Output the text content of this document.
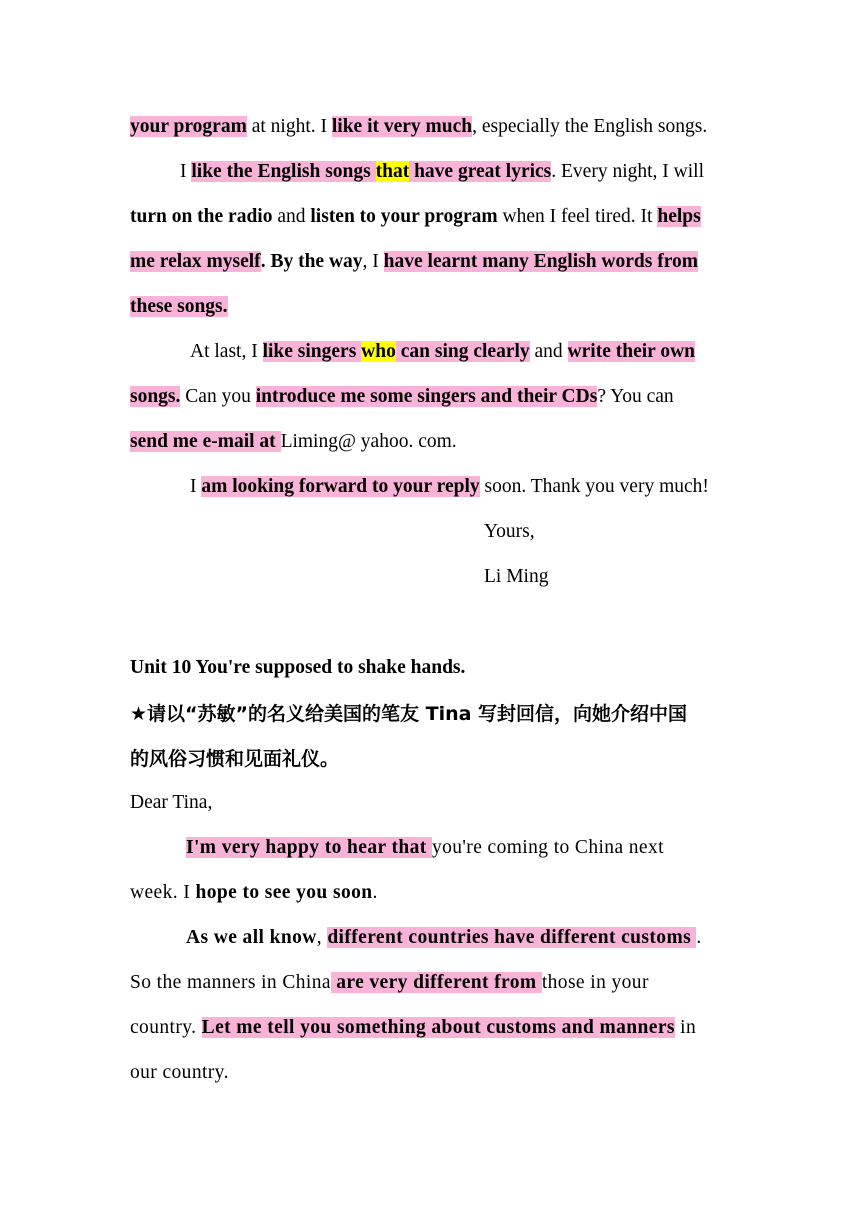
your program at night. I like it very much, especially the English songs.
I like the English songs that have great lyrics. Every night, I will
turn on the radio and listen to your program when I feel tired. It helps
me relax myself. By the way, I have learnt many English words from
these songs.
At last, I like singers who can sing clearly and write their own
songs. Can you introduce me some singers and their CDs? You can
send me e-mail at Liming@ yahoo. com.
I am looking forward to your reply soon. Thank you very much!
Yours,
Li Ming
Unit 10 You're supposed to shake hands.
★请以“苏敏”的名义给美国的笔友 Tina 写封回信，向她介绍中国
的风俗习惯和见面礼仪。
Dear Tina,
I'm very happy to hear that you're coming to China next
week. I hope to see you soon.
As we all know, different countries have different customs .
So the manners in China are very different from those in your
country. Let me tell you something about customs and manners in
our country.
